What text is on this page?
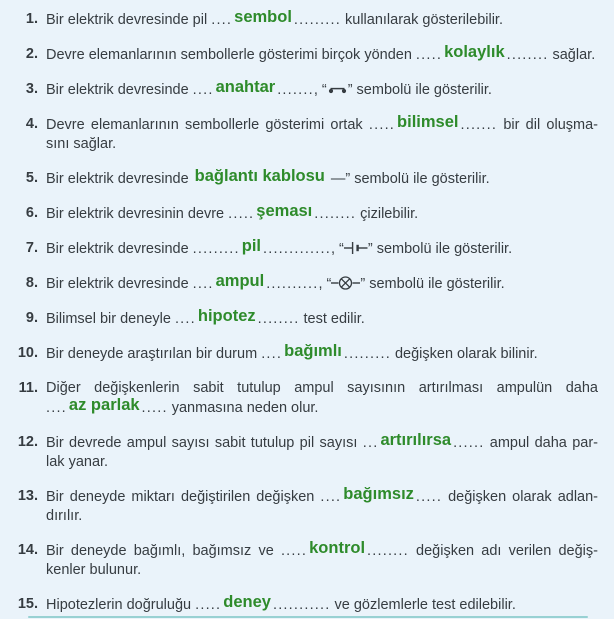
1. Bir elektrik devresinde pil .... sembol ......... kullanılarak gösterilebilir.
2. Devre elemanlarının sembollerle gösterimi birçok yönden ..... kolaylık ........ sağlar.
3. Bir elektrik devresinde .... anahtar ......., “ ” sembolü ile gösterilir.
4. Devre elemanlarının sembollerle gösterimi ortak ..... bilimsel ....... bir dil oluşma-
sını sağlar.
5. Bir elektrik devresinde bağlantı kablosu —” sembolü ile gösterilir.
6. Bir elektrik devresinin devre ..... şeması ........ çizilebilir.
7. Bir elektrik devresinde ......... pil ............., “ ” sembolü ile gösterilir.
8. Bir elektrik devresinde .... ampul .........., “ ” sembolü ile gösterilir.
9. Bilimsel bir deneyle .... hipotez ........ test edilir.
10. Bir deneyde araştırılan bir durum .... bağımlı ......... değişken olarak bilinir.
11. Diğer değişkenlerin sabit tutulup ampul sayısının artırılması ampulün daha
.... az parlak ..... yanmasına neden olur.
12. Bir devrede ampul sayısı sabit tutulup pil sayısı ... artırılırsa ...... ampul daha par-
lak yanar.
13. Bir deneyde miktarı değiştirilen değişken .... bağımsız ..... değişken olarak adlan-
dırılır.
14. Bir deneyde bağımlı, bağımsız ve ..... kontrol ........ değişken adı verilen değiş-
kenler bulunur.
15. Hipotezlerin doğruluğu ..... deney ........... ve gözlemlerle test edilebilir.
